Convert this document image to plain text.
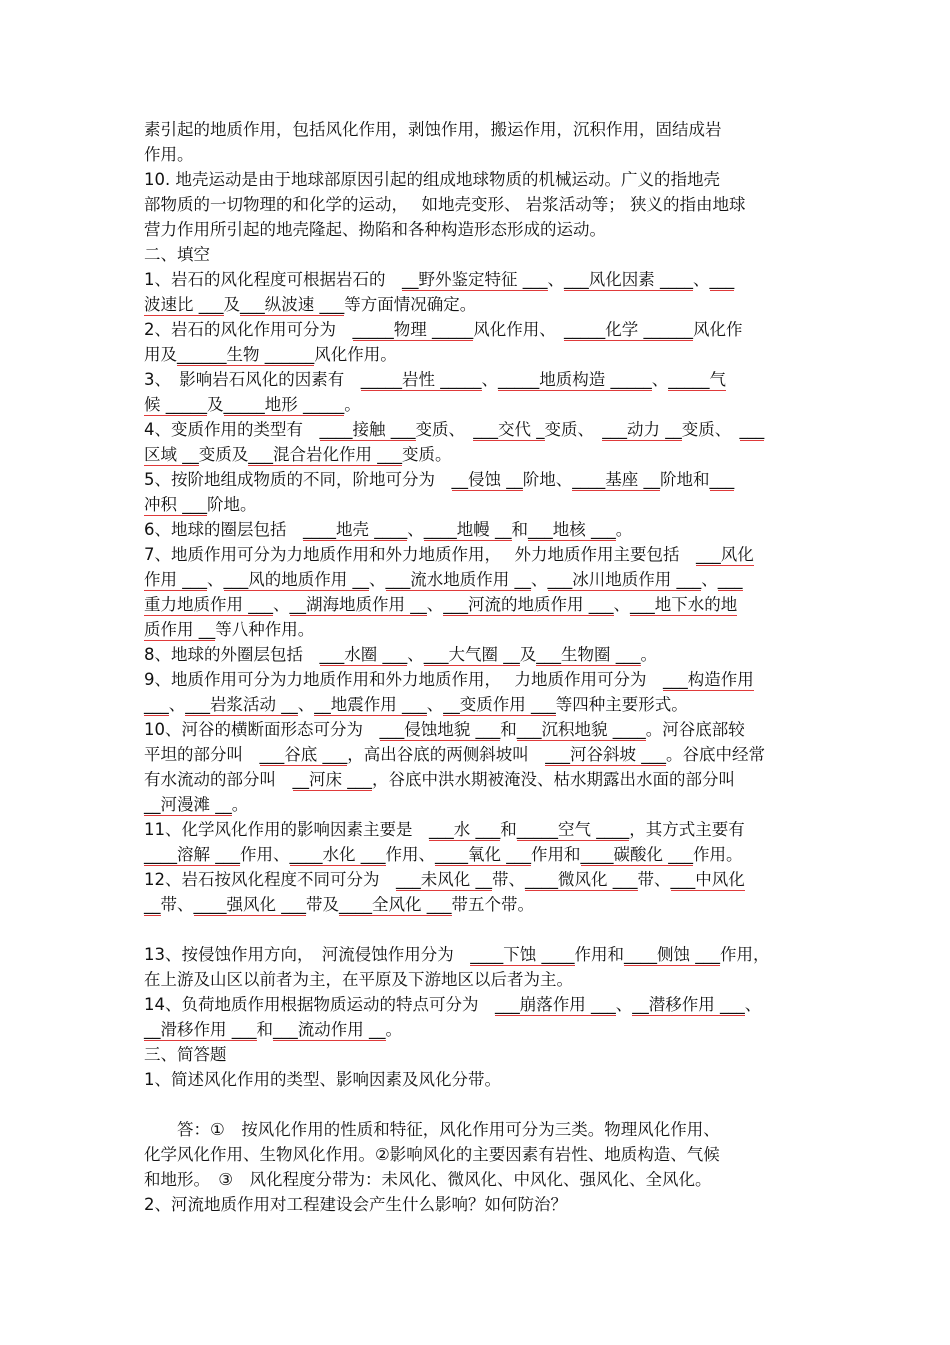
素引起的地质作用，包括风化作用，剥蚀作用，搬运作用，沉积作用，固结成岩
作用。
10. 地壳运动是由于地球部原因引起的组成地球物质的机械运动。广义的指地壳
部物质的一切物理的和化学的运动，　 如地壳变形、 岩浆活动等； 狭义的指由地球
营力作用所引起的地壳隆起、拗陷和各种构造形态形成的运动。
二、填空
1、岩石的风化程度可根据岩石的　__野外鉴定特征 ___、___风化因素 ____、___
波速比 ___及___纵波速 ___等方面情况确定。
2、岩石的风化作用可分为　_____物理 _____风化作用、　_____化学 ______风化作
用及______生物 ______风化作用。
3、　影响岩石风化的因素有　_____岩性 _____、_____地质构造 _____、_____气
候 _____及_____地形 _____。
4、变质作用的类型有　____接触 ___变质、　___交代 _变质、　___动力 __变质、　___
区域 __变质及___混合岩化作用 ___变质。
5、按阶地组成物质的不同，阶地可分为　__侵蚀 __阶地、____基座 __阶地和___
冲积 ___阶地。
6、地球的圈层包括　____地壳 ____、____地幔 __和___地核 ___。
7、地质作用可分为力地质作用和外力地质作用，　 外力地质作用主要包括　___风化
作用 ___、___风的地质作用 __、___流水地质作用 __、___冰川地质作用 ___、___
重力地质作用 ___、__湖海地质作用 __、___河流的地质作用 ___、___地下水的地
质作用 __等八种作用。
8、地球的外圈层包括　___水圈 ___、___大气圈 __及___生物圈 ___。
9、地质作用可分为力地质作用和外力地质作用，　 力地质作用可分为　___构造作用
___、___岩浆活动 __、__地震作用 ___、__变质作用 ___等四种主要形式。
10、河谷的横断面形态可分为　___侵蚀地貌 ___和___沉积地貌 ____。河谷底部较
平坦的部分叫　___谷底 ___，高出谷底的两侧斜坡叫　___河谷斜坡 ___。谷底中经常
有水流动的部分叫　__河床 ___，谷底中洪水期被淹没、枯水期露出水面的部分叫
__河漫滩 __。
11、化学风化作用的影响因素主要是　___水 ___和_____空气 ____，其方式主要有
____溶解 ___作用、____水化 ___作用、____氧化 ___作用和____碳酸化 ___作用。
12、岩石按风化程度不同可分为　___未风化 __带、____微风化 ___带、___中风化
__带、____强风化 ___带及____全风化 ___带五个带。
13、按侵蚀作用方向，　河流侵蚀作用分为　____下蚀 ____作用和____侧蚀 ___作用，
在上游及山区以前者为主，在平原及下游地区以后者为主。
14、负荷地质作用根据物质运动的特点可分为　___崩落作用 ___、__潜移作用 ___、
__滑移作用 ___和___流动作用 __。
三、简答题
1、简述风化作用的类型、影响因素及风化分带。
　　答：①　按风化作用的性质和特征，风化作用可分为三类。物理风化作用、
化学风化作用、生物风化作用。②影响风化的主要因素有岩性、地质构造、气候
和地形。　③　风化程度分带为：未风化、微风化、中风化、强风化、全风化。
2、河流地质作用对工程建设会产生什么影响？如何防治？
